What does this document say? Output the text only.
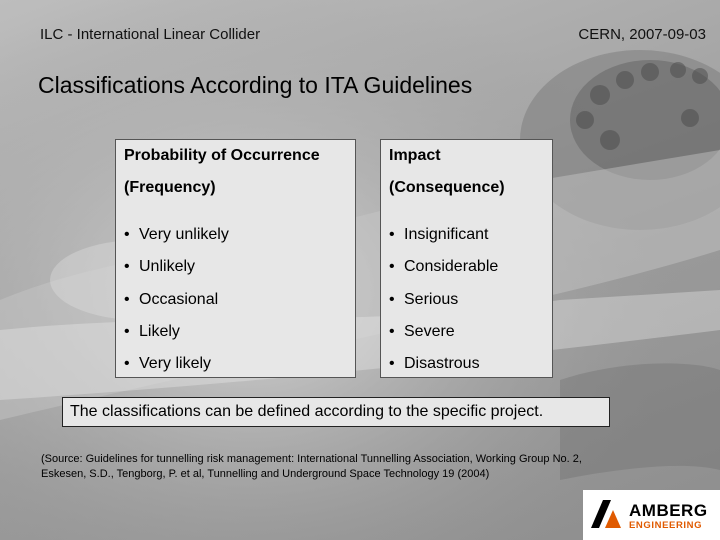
ILC - International Linear Collider	CERN, 2007-09-03
Classifications According to ITA Guidelines
Probability of Occurrence
(Frequency)
• Very unlikely
• Unlikely
• Occasional
• Likely
• Very likely
Impact
(Consequence)
• Insignificant
• Considerable
• Serious
• Severe
• Disastrous
The classifications can be defined according to the specific project.
(Source: Guidelines for tunnelling risk management: International Tunnelling Association, Working Group No. 2,
Eskesen, S.D., Tengborg, P. et al, Tunnelling and Underground Space Technology 19 (2004)
AMBERG
ENGINEERING
